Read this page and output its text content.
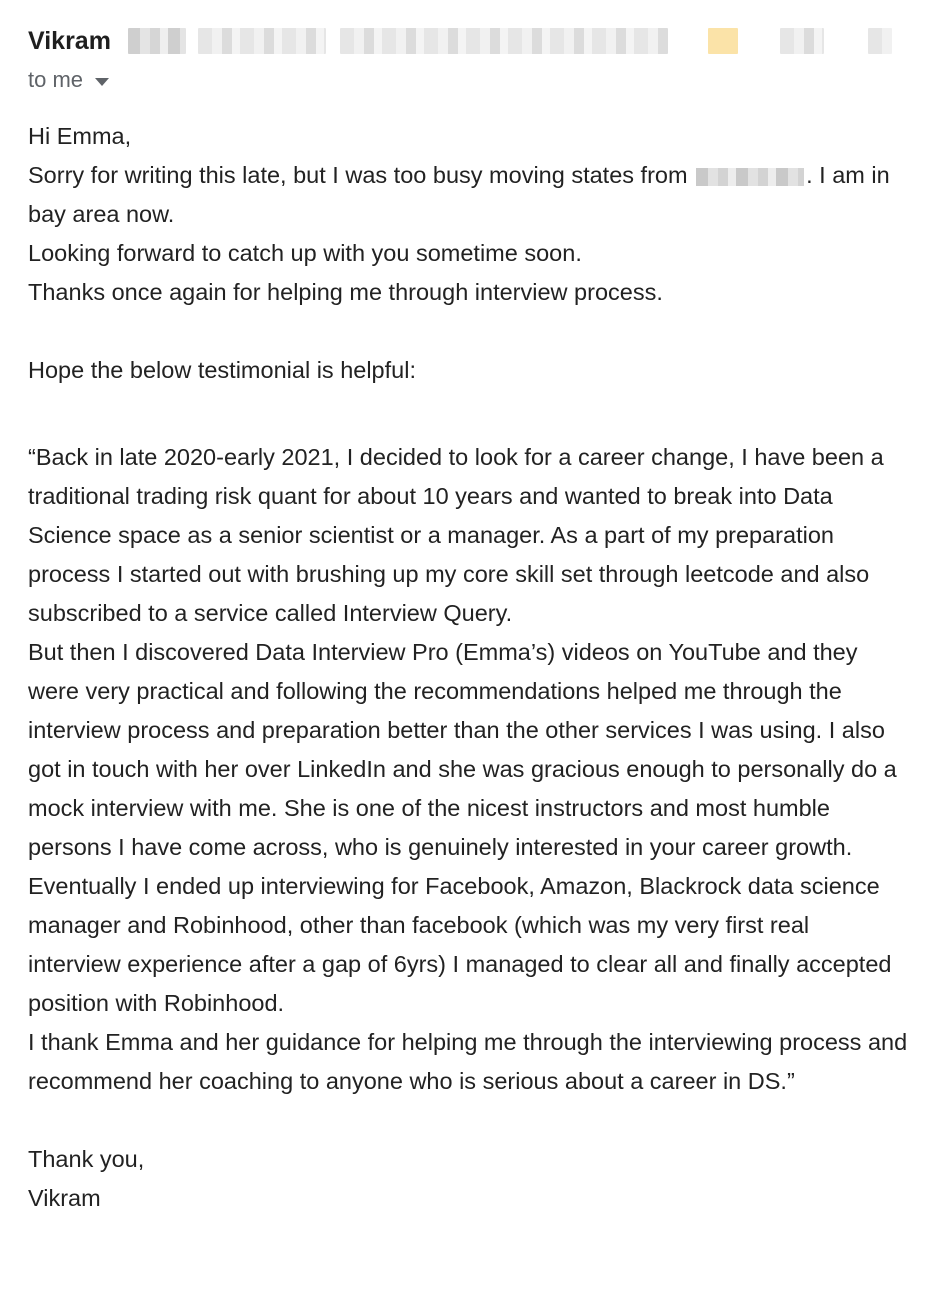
Vikram
to me

Hi Emma,

Sorry for writing this late, but I was too busy moving states from	. I am in bay area now.

Looking forward to catch up with you sometime soon.

Thanks once again for helping me through interview process.

Hope the below testimonial is helpful:

“Back in late 2020-early 2021, I decided to look for a career change, I have been a traditional trading risk quant for about 10 years and wanted to break into Data Science space as a senior scientist or a manager. As a part of my preparation process I started out with brushing up my core skill set through leetcode and also subscribed to a service called Interview Query.

But then I discovered Data Interview Pro (Emma’s) videos on YouTube and they were very practical and following the recommendations helped me through the interview process and preparation better than the other services I was using. I also got in touch with her over LinkedIn and she was gracious enough to personally do a mock interview with me. She is one of the nicest instructors and most humble persons I have come across, who is genuinely interested in your career growth.

Eventually I ended up interviewing for Facebook, Amazon, Blackrock data science manager and Robinhood, other than facebook (which was my very first real interview experience after a gap of 6yrs) I managed to clear all and finally accepted position with Robinhood.

I thank Emma and her guidance for helping me through the interviewing process and recommend her coaching to anyone who is serious about a career in DS.”

Thank you,

Vikram
